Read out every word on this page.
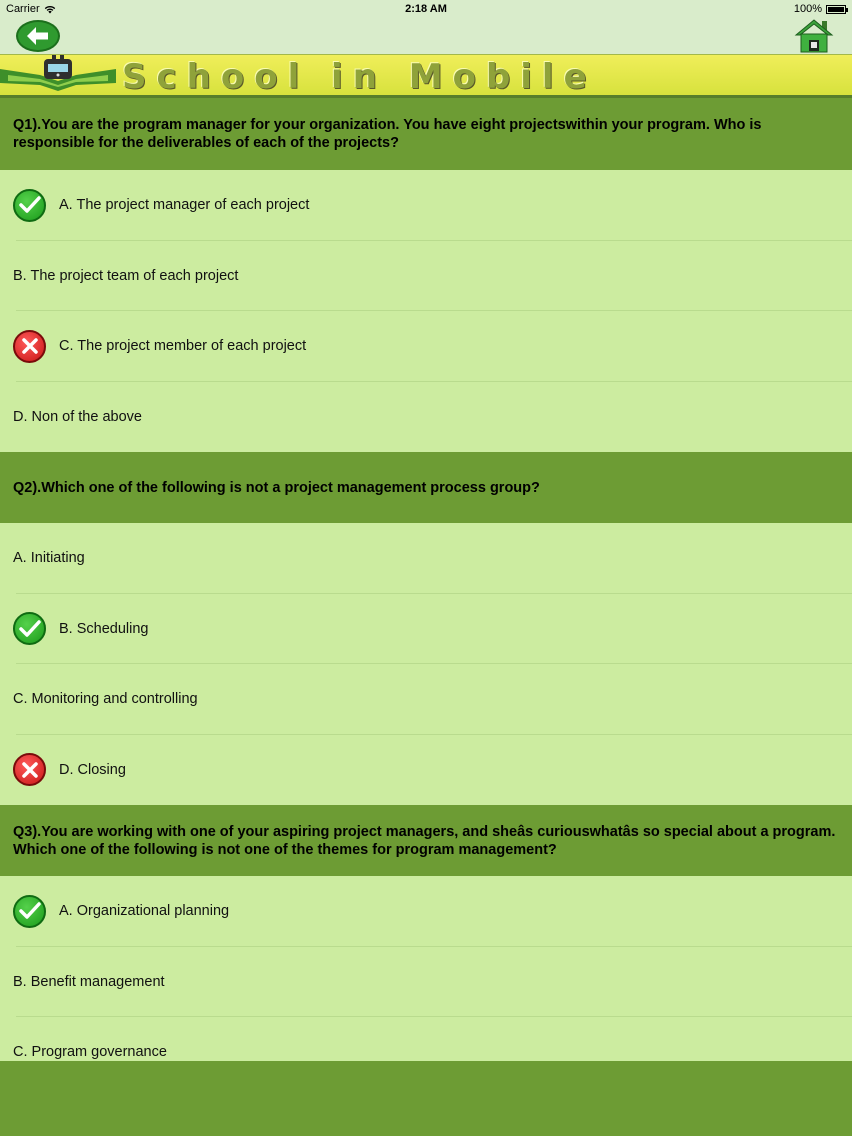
Carrier	2:18 AM	100%
School in Mobile
Q1).You are the program manager for your organization. You have eight projectswithin your program. Who is responsible for the deliverables of each of the projects?
A. The project manager of each project
B. The project team of each project
C. The project member of each project
D. Non of the above
Q2).Which one of the following is not a project management process group?
A. Initiating
B. Scheduling
C. Monitoring and controlling
D. Closing
Q3).You are working with one of your aspiring project managers, and sheâs curiouswhatâs so special about a program. Which one of the following is not one of the themes for program management?
A. Organizational planning
B. Benefit management
C. Program governance
